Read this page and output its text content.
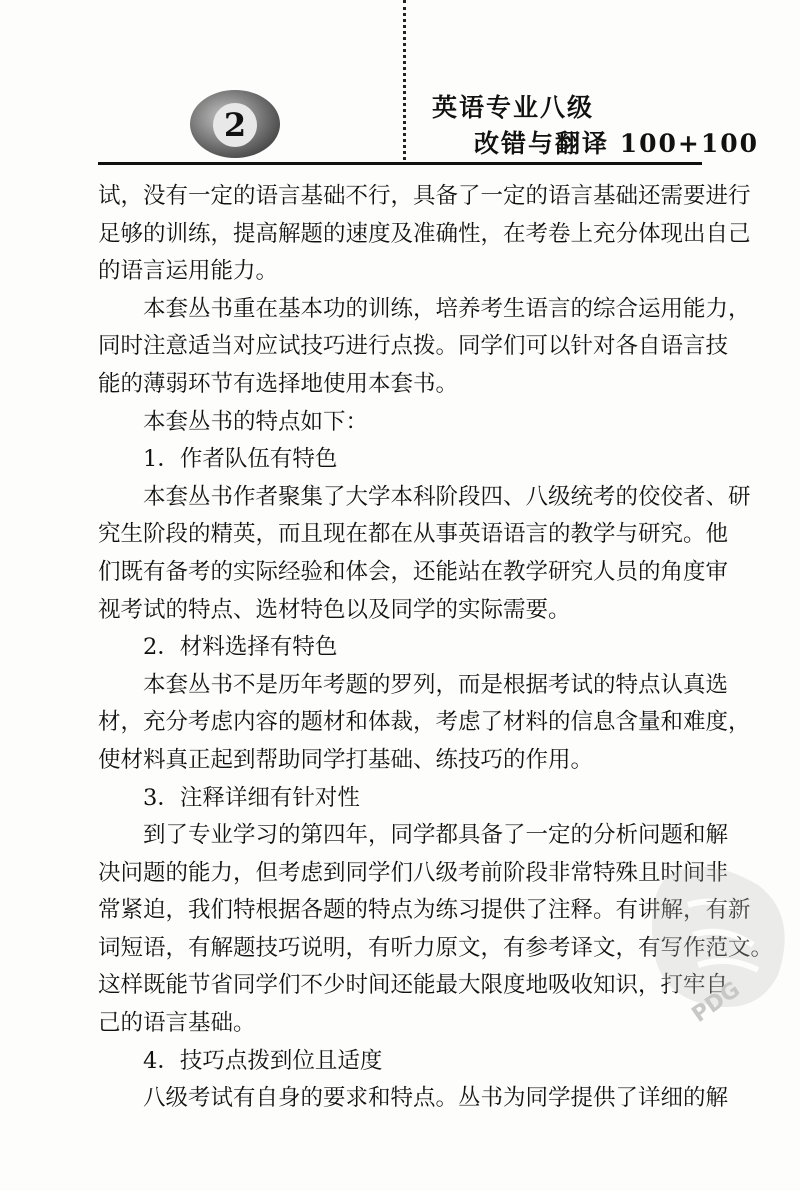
2	英语专业八级
改错与翻译 100+100
试，没有一定的语言基础不行，具备了一定的语言基础还需要进行
足够的训练，提高解题的速度及准确性，在考卷上充分体现出自己
的语言运用能力。
本套丛书重在基本功的训练，培养考生语言的综合运用能力，
同时注意适当对应试技巧进行点拨。同学们可以针对各自语言技
能的薄弱环节有选择地使用本套书。
本套丛书的特点如下：
1．作者队伍有特色
本套丛书作者聚集了大学本科阶段四、八级统考的佼佼者、研
究生阶段的精英，而且现在都在从事英语语言的教学与研究。他
们既有备考的实际经验和体会，还能站在教学研究人员的角度审
视考试的特点、选材特色以及同学的实际需要。
2．材料选择有特色
本套丛书不是历年考题的罗列，而是根据考试的特点认真选
材，充分考虑内容的题材和体裁，考虑了材料的信息含量和难度，
使材料真正起到帮助同学打基础、练技巧的作用。
3．注释详细有针对性
到了专业学习的第四年，同学都具备了一定的分析问题和解
决问题的能力，但考虑到同学们八级考前阶段非常特殊且时间非
常紧迫，我们特根据各题的特点为练习提供了注释。有讲解，有新
词短语，有解题技巧说明，有听力原文，有参考译文，有写作范文。
这样既能节省同学们不少时间还能最大限度地吸收知识，打牢自
己的语言基础。
4．技巧点拨到位且适度
八级考试有自身的要求和特点。丛书为同学提供了详细的解
PDG
